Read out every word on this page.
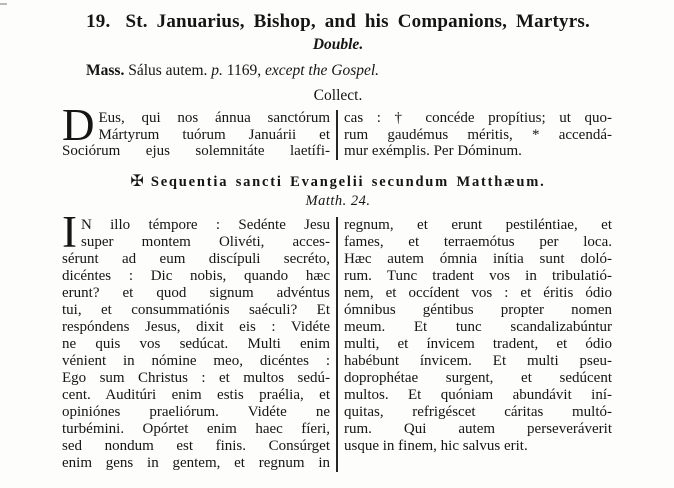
19. St. Januarius, Bishop, and his Companions, Martyrs.
Double.
Mass. Sálus autem. p. 1169, except the Gospel.
Collect.
D Eus, qui nos ánnua sanctórum
Mártyrum tuórum Januárii et
Sociórum ejus solemnitáte laetífi-
cas : † concéde propítius; ut quo-
rum gaudémus méritis, * accendá-
mur exémplis. Per Dóminum.
✠ Sequentia sancti Evangelii secundum Matthæum.
Matth. 24.
I N illo témpore : Sedénte Jesu
super montem Olivéti, acces-
sérunt ad eum discípuli secréto,
dicéntes : Dic nobis, quando hæc
erunt? et quod signum advéntus
tui, et consummatiónis saéculi? Et
respóndens Jesus, dixit eis : Vidéte
ne quis vos sedúcat. Multi enim
vénient in nómine meo, dicéntes :
Ego sum Christus : et multos sedú-
cent. Auditúri enim estis praélia, et
opiniónes praeliórum. Vidéte ne
turbémini. Opórtet enim haec fíeri,
sed nondum est finis. Consúrget
enim gens in gentem, et regnum in
regnum, et erunt pestiléntiae, et
fames, et terraemótus per loca.
Hæc autem ómnia inítia sunt doló-
rum. Tunc tradent vos in tribulatió-
nem, et occídent vos : et éritis ódio
ómnibus géntibus propter nomen
meum. Et tunc scandalizabúntur
multi, et ínvicem tradent, et ódio
habébunt ínvicem. Et multi pseu-
doprophétae surgent, et sedúcent
multos. Et quóniam abundávit iní-
quitas, refrigéscet cáritas multó-
rum. Qui autem perseveráverit
usque in finem, hic salvus erit.
